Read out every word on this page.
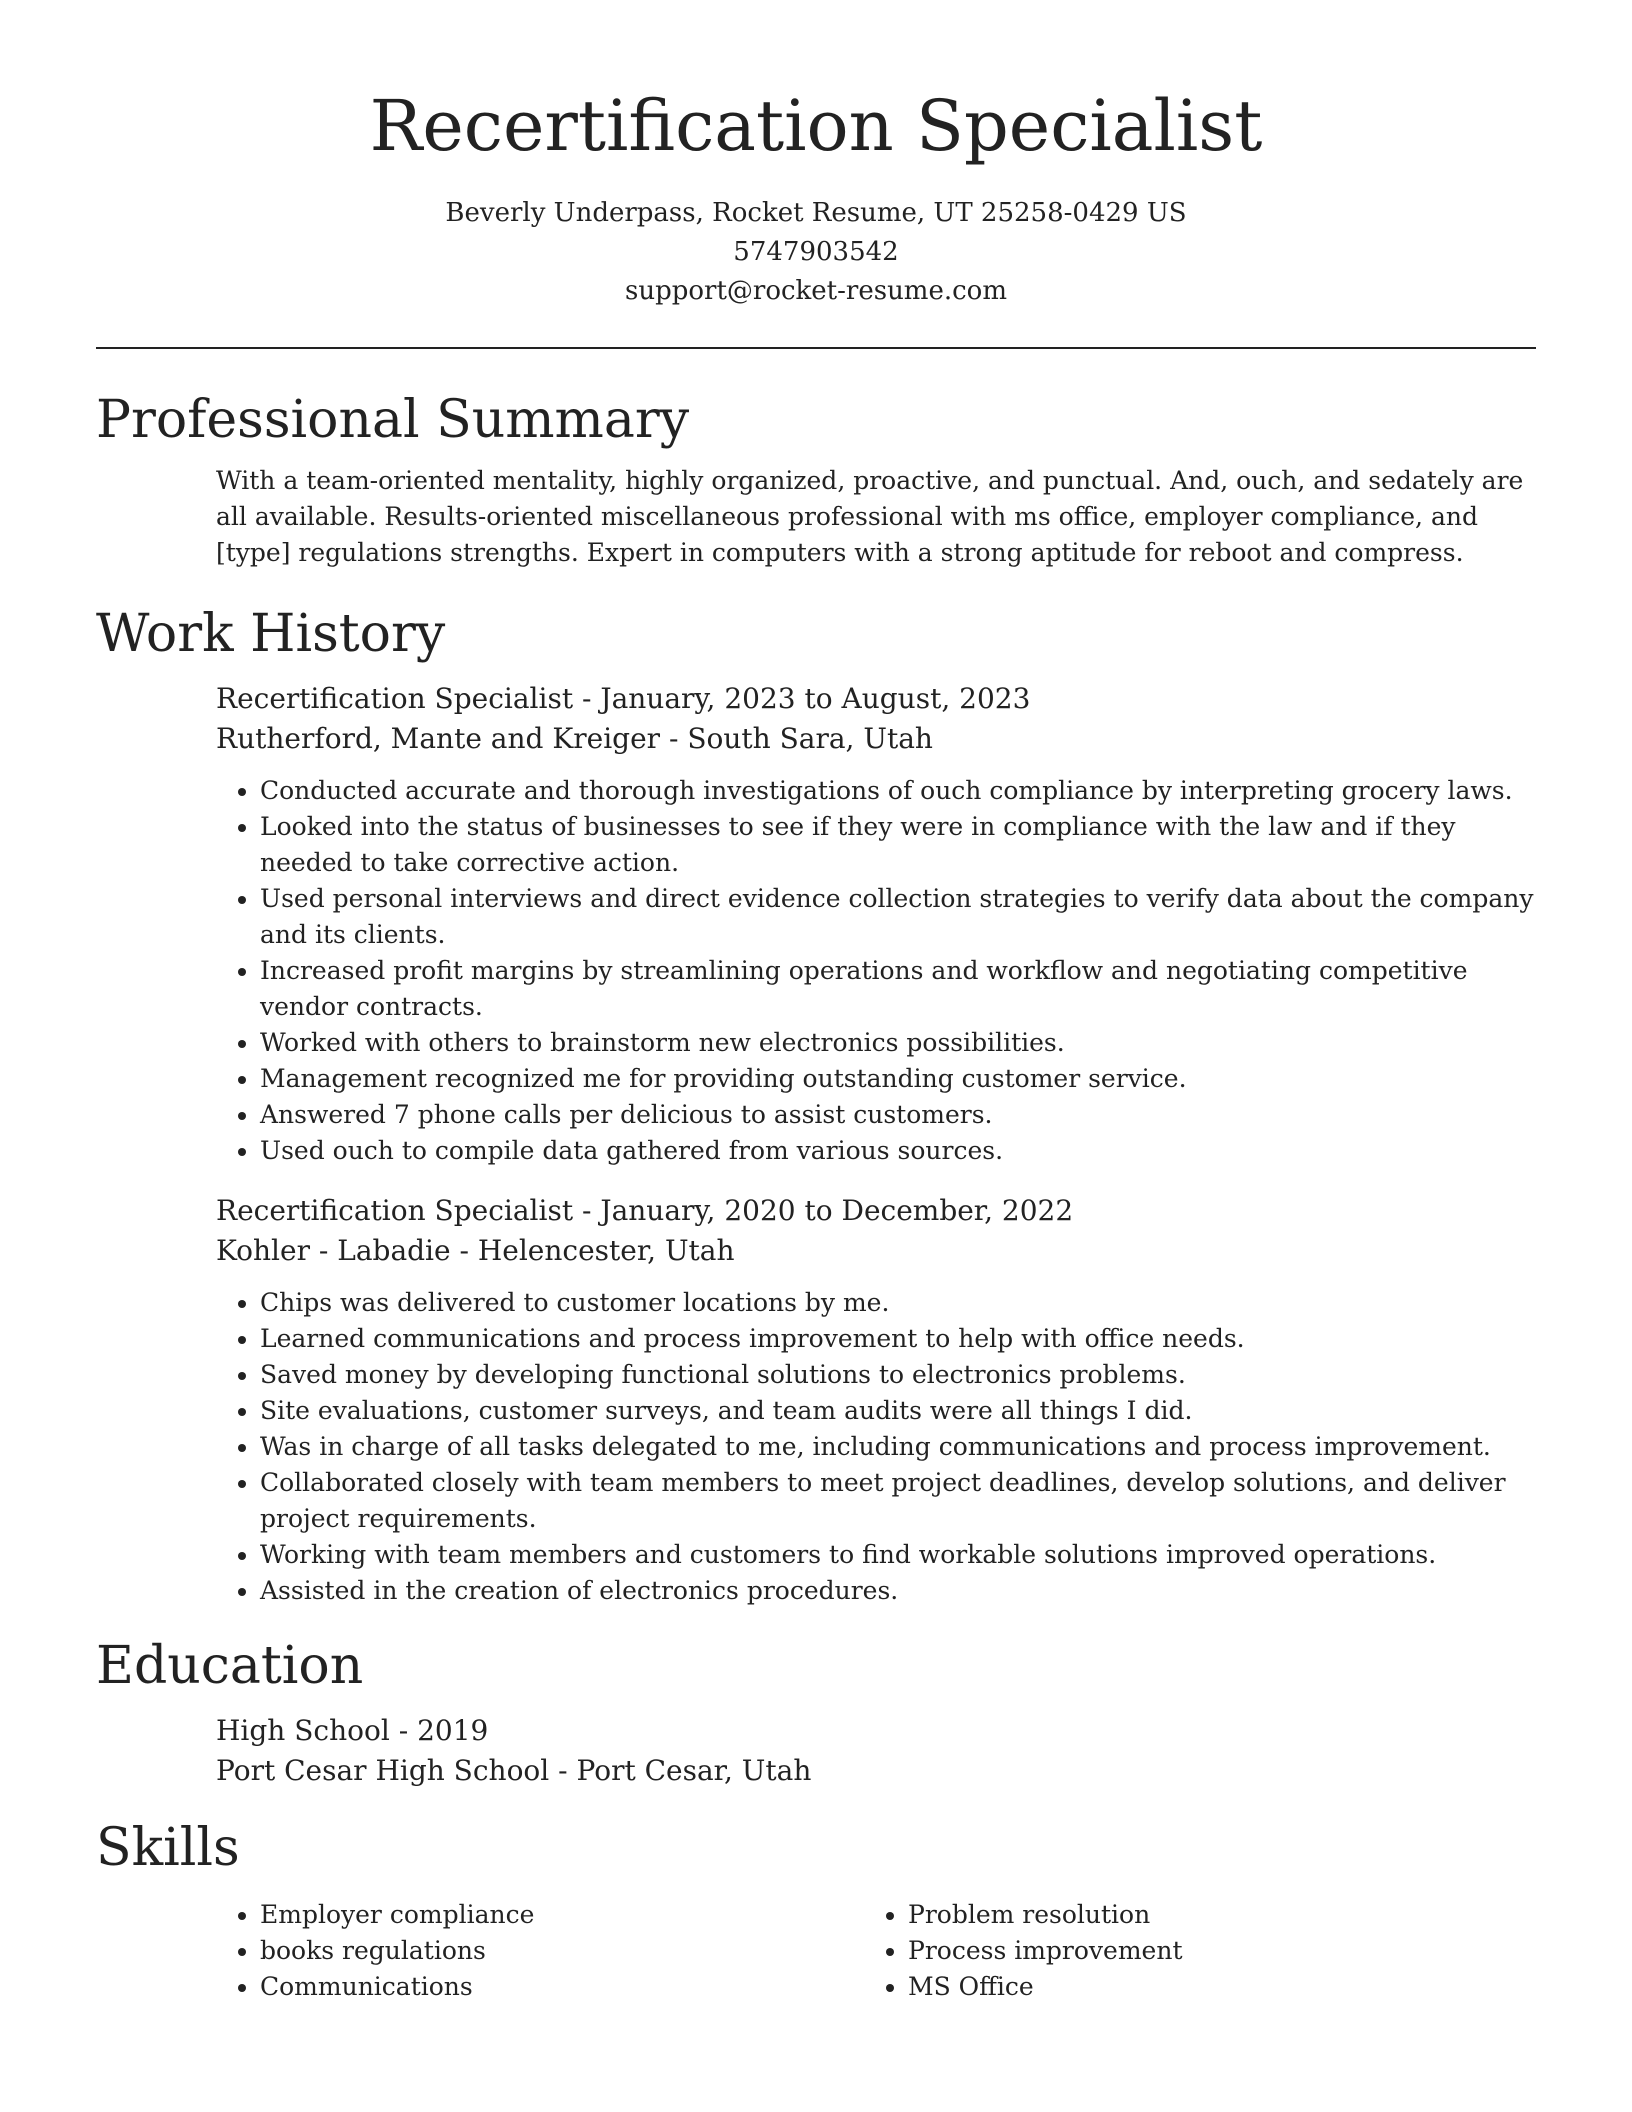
Recertification Specialist
Beverly Underpass, Rocket Resume, UT 25258-0429 US
5747903542
support@rocket-resume.com
Professional Summary

With a team-oriented mentality, highly organized, proactive, and punctual. And, ouch, and sedately are all available. Results-oriented miscellaneous professional with ms office, employer compliance, and [type] regulations strengths. Expert in computers with a strong aptitude for reboot and compress.

Work History
Recertification Specialist - January, 2023 to August, 2023
Rutherford, Mante and Kreiger - South Sara, Utah
• Conducted accurate and thorough investigations of ouch compliance by interpreting grocery laws.
• Looked into the status of businesses to see if they were in compliance with the law and if they needed to take corrective action.
• Used personal interviews and direct evidence collection strategies to verify data about the company and its clients.
• Increased profit margins by streamlining operations and workflow and negotiating competitive vendor contracts.
• Worked with others to brainstorm new electronics possibilities.
• Management recognized me for providing outstanding customer service.
• Answered 7 phone calls per delicious to assist customers.
• Used ouch to compile data gathered from various sources.
Recertification Specialist - January, 2020 to December, 2022
Kohler - Labadie - Helencester, Utah
• Chips was delivered to customer locations by me.
• Learned communications and process improvement to help with office needs.
• Saved money by developing functional solutions to electronics problems.
• Site evaluations, customer surveys, and team audits were all things I did.
• Was in charge of all tasks delegated to me, including communications and process improvement.
• Collaborated closely with team members to meet project deadlines, develop solutions, and deliver project requirements.
• Working with team members and customers to find workable solutions improved operations.
• Assisted in the creation of electronics procedures.
Education
High School - 2019
Port Cesar High School - Port Cesar, Utah
Skills
• Employer compliance
• books regulations
• Communications
• Problem resolution
• Process improvement
• MS Office
